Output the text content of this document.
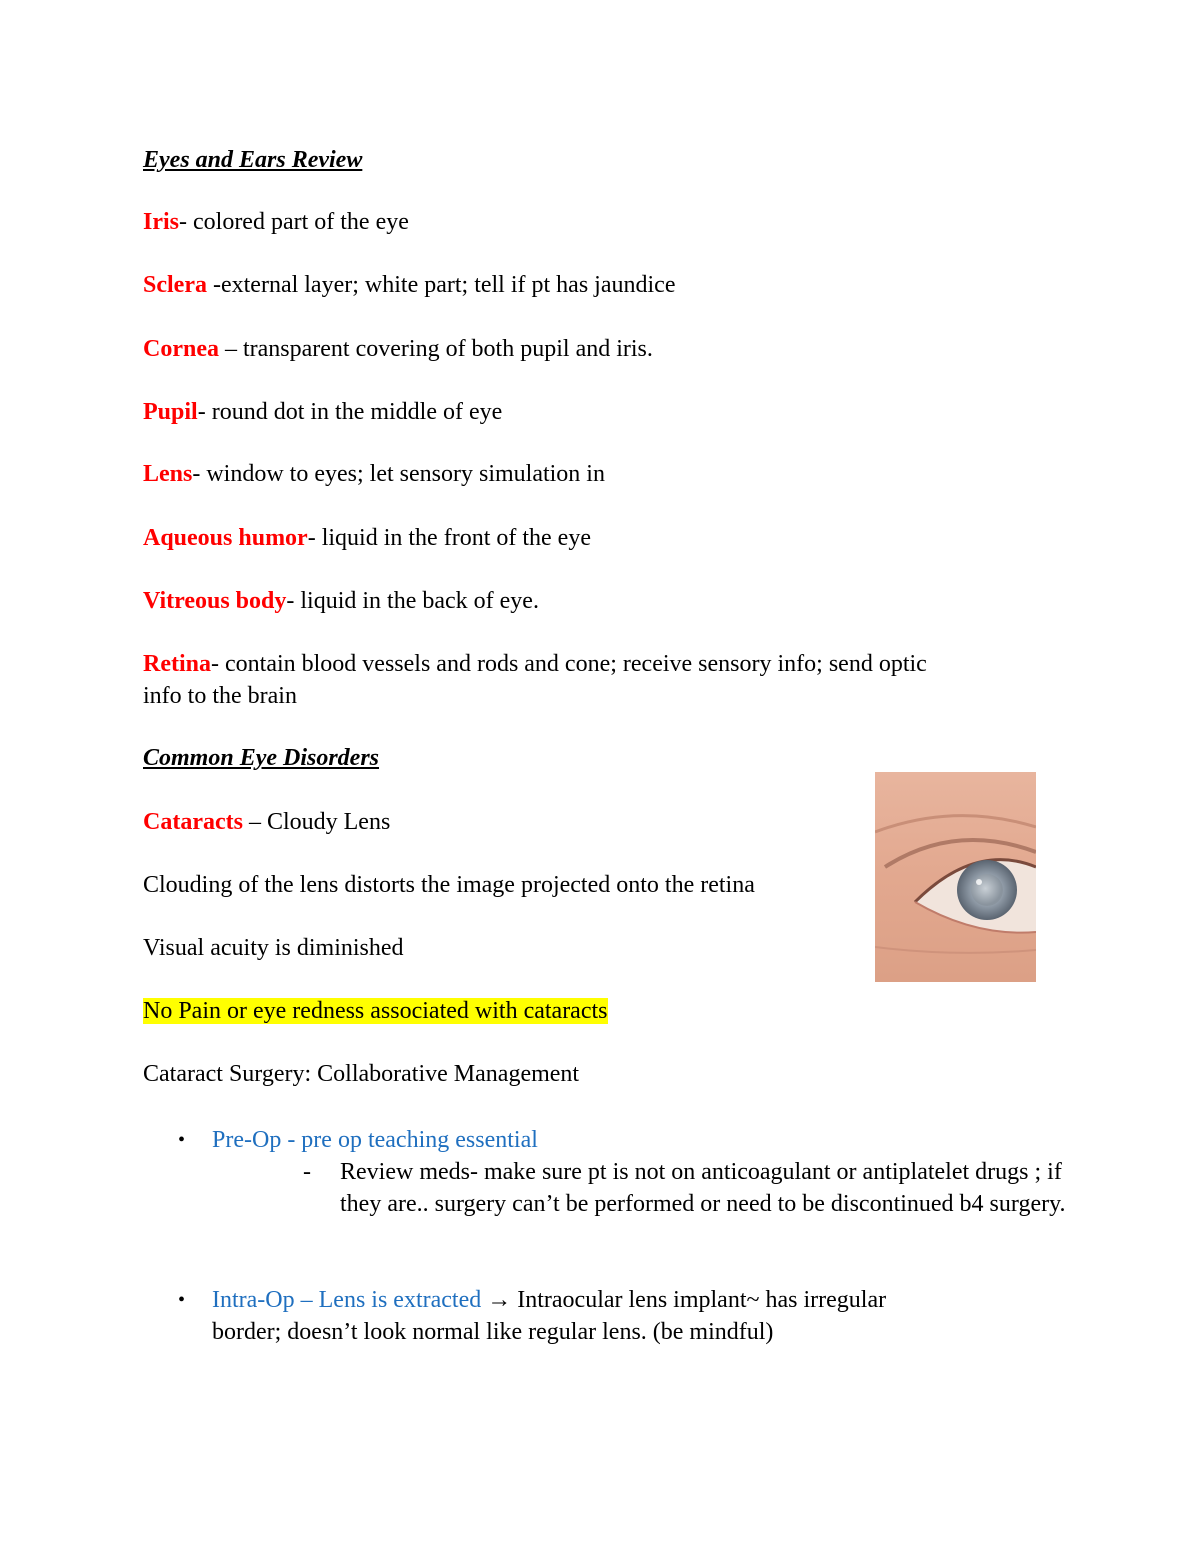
Eyes and Ears Review
Iris- colored part of the eye
Sclera -external layer; white part; tell if pt has jaundice
Cornea – transparent covering of both pupil and iris.
Pupil- round dot in the middle of eye
Lens- window to eyes; let sensory simulation in
Aqueous humor- liquid in the front of the eye
Vitreous body- liquid in the back of eye.
Retina- contain blood vessels and rods and cone; receive sensory info; send optic
info to the brain
Common Eye Disorders
Cataracts – Cloudy Lens
Clouding of the lens distorts the image projected onto the retina
Visual acuity is diminished
No Pain or eye redness associated with cataracts
Cataract Surgery: Collaborative Management
• Pre-Op - pre op teaching essential
- Review meds- make sure pt is not on anticoagulant or antiplatelet drugs ; if they are.. surgery can’t be performed or need to be discontinued b4 surgery.
• Intra-Op – Lens is extracted → Intraocular lens implant~ has irregular
border; doesn’t look normal like regular lens. (be mindful)
